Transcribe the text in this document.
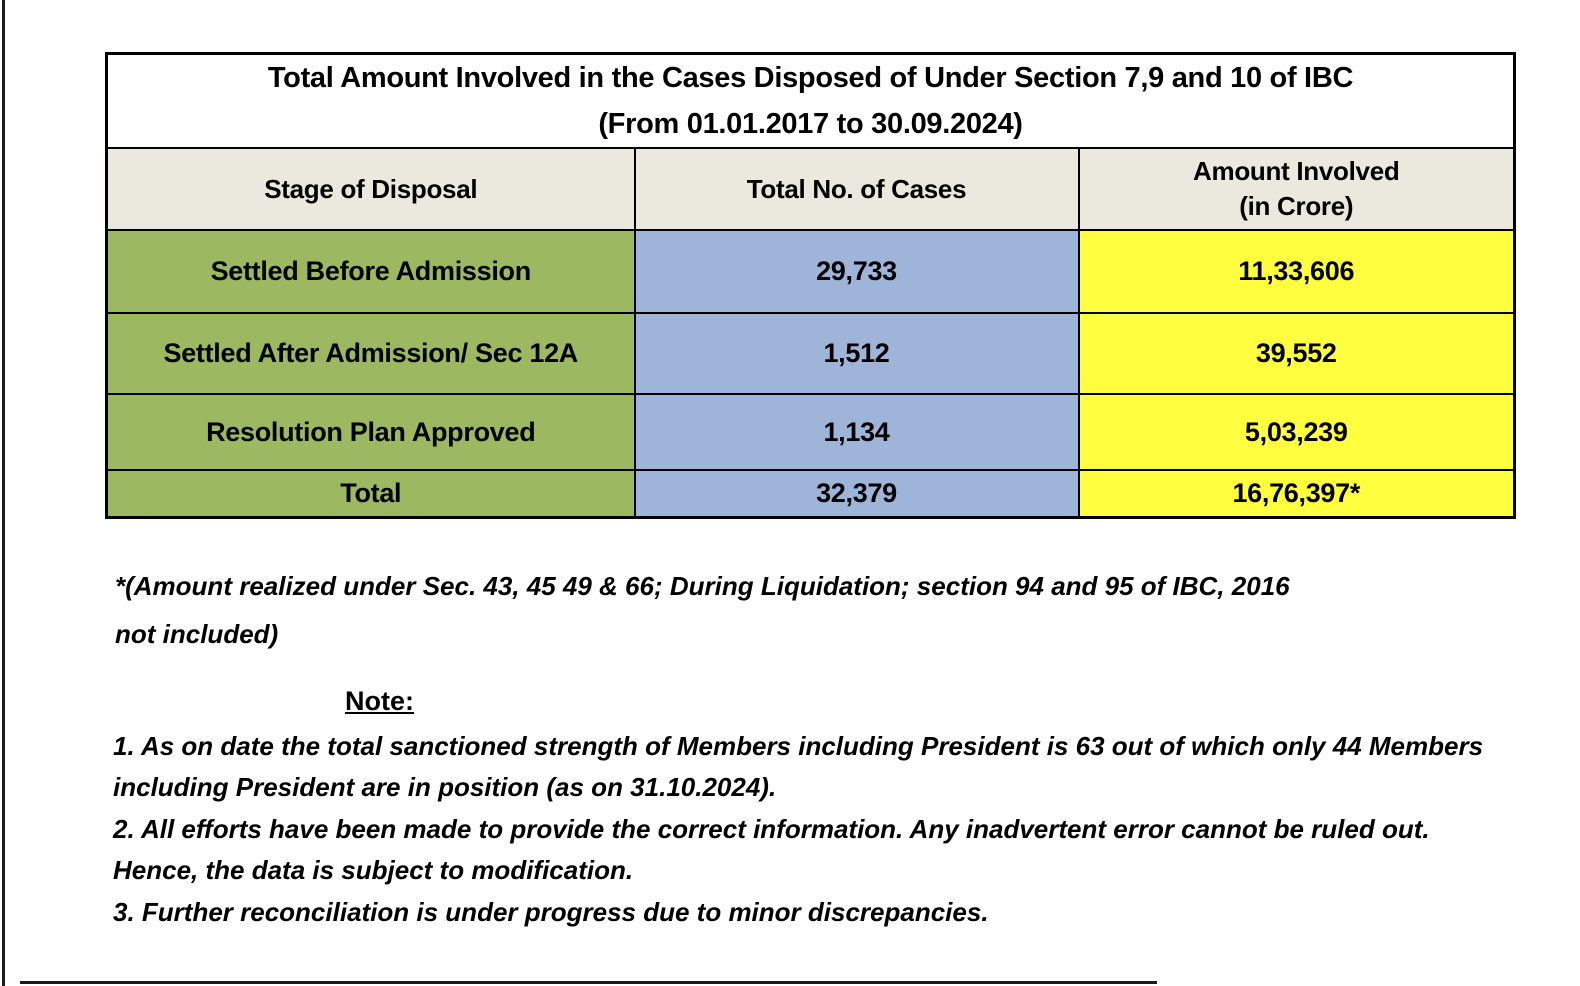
Total Amount Involved in the Cases Disposed of Under Section 7,9 and 10 of IBC
(From 01.01.2017 to 30.09.2024)		

Stage of Disposal	Total No. of Cases	Amount Involved
(in Crore)

Settled Before Admission	29,733	11,33,606
Settled After Admission/ Sec 12A	1,512	39,552
Resolution Plan Approved	1,134	5,03,239
Total	32,379	16,76,397*
*(Amount realized under Sec. 43, 45 49 & 66; During Liquidation; section 94 and 95 of IBC, 2016
not included)
Note:
1. As on date the total sanctioned strength of Members including President is 63 out of which only 44 Members
including President are in position (as on 31.10.2024).
2. All efforts have been made to provide the correct information. Any inadvertent error cannot be ruled out.
Hence, the data is subject to modification.
3. Further reconciliation is under progress due to minor discrepancies.
